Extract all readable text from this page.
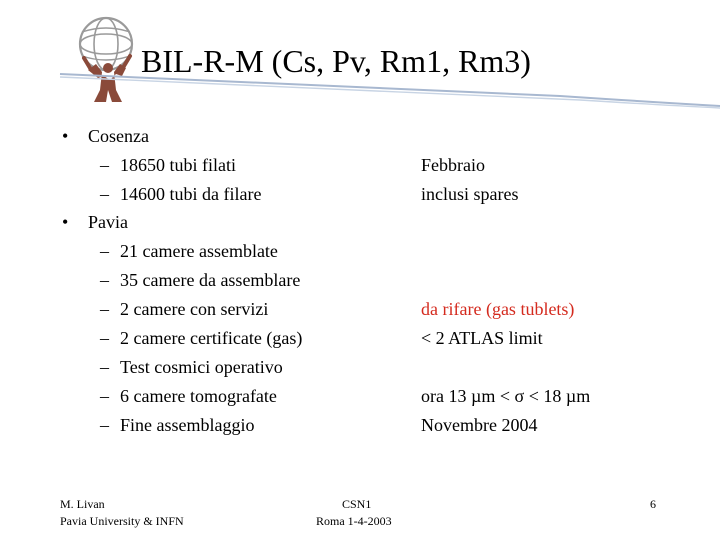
BIL-R-M (Cs, Pv, Rm1, Rm3)
• Cosenza
– 18650 tubi filati	Febbraio
– 14600 tubi da filare	inclusi spares
• Pavia
– 21 camere assemblate
– 35 camere da assemblare
– 2 camere con servizi	da rifare (gas tublets)
– 2 camere certificate (gas)	< 2 ATLAS limit
– Test cosmici operativo
– 6 camere tomografate	ora 13 µm < σ < 18 µm
– Fine assemblaggio	Novembre 2004
M. Livan
Pavia University & INFN
CSN1
Roma 1-4-2003
6
